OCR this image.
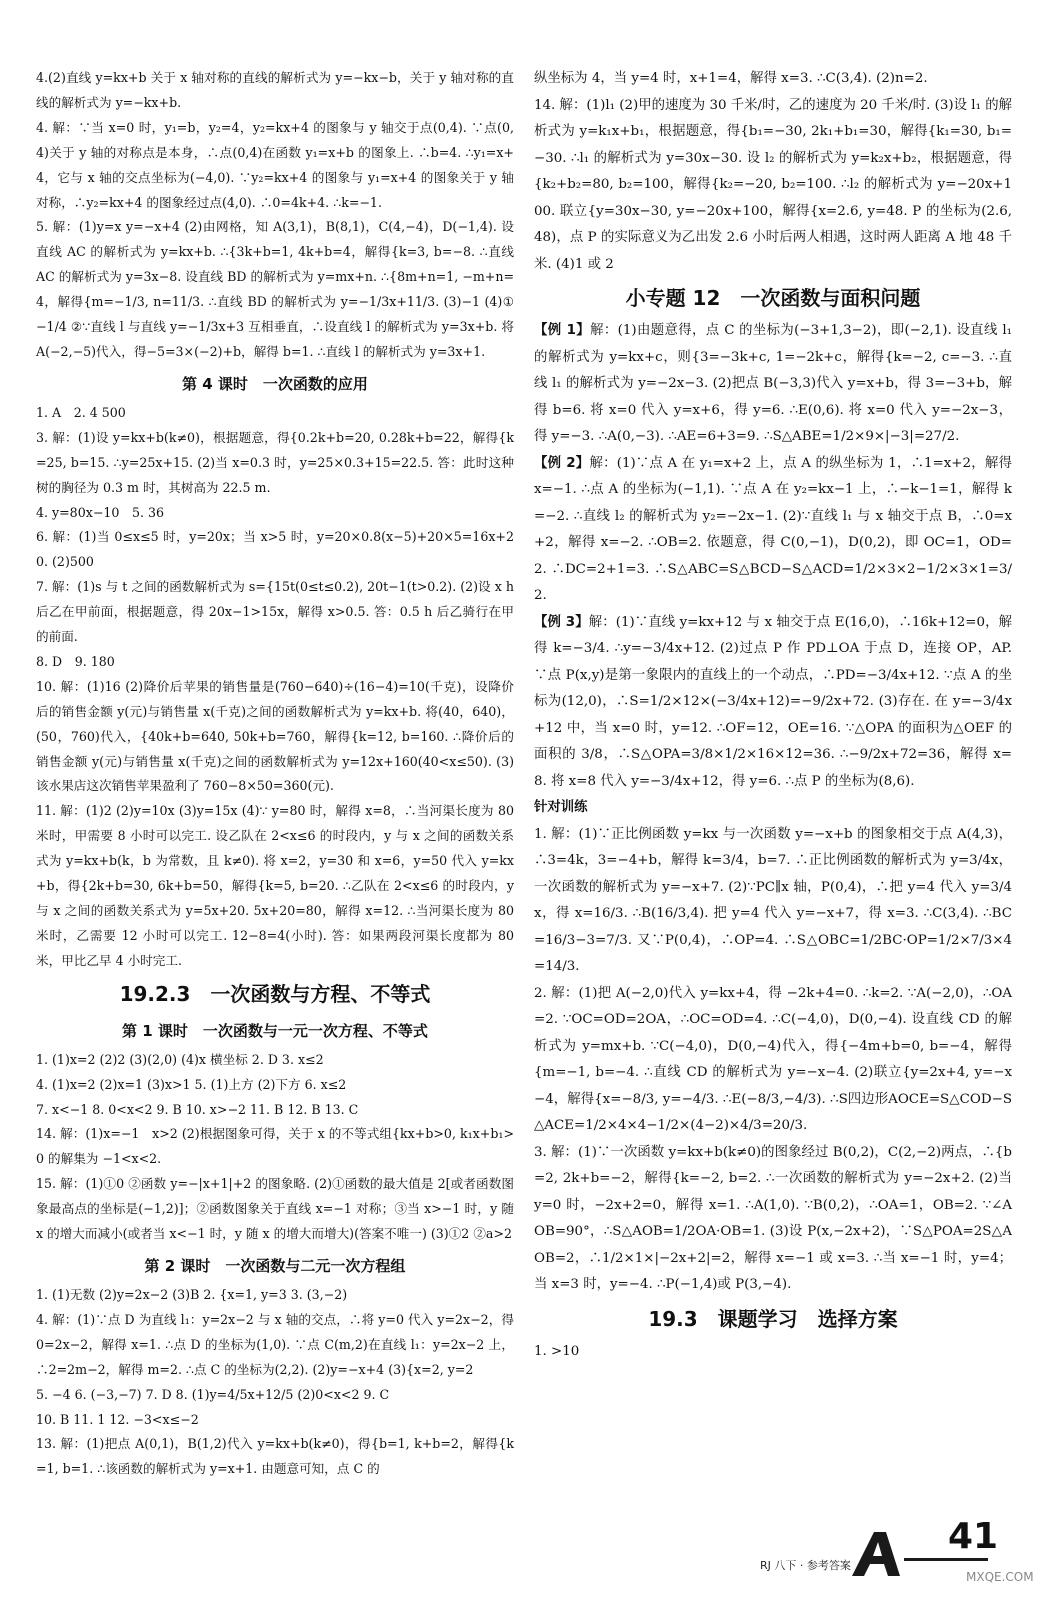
4.(2)直线 y=kx+b 关于 x 轴对称的直线的解析式为 y=−kx−b，关于 y 轴对称的直线的解析式为 y=−kx+b.
4. 解：∵当 x=0 时，y₁=b，y₂=4，y₂=kx+4 的图象与 y 轴交于点(0,4). ∵点(0,4)关于 y 轴的对称点是本身，∴点(0,4)在函数 y₁=x+b 的图象上. ∴b=4. ∴y₁=x+4，它与 x 轴的交点坐标为(−4,0). ∵y₂=kx+4 的图象与 y₁=x+4 的图象关于 y 轴对称，∴y₂=kx+4 的图象经过点(4,0). ∴0=4k+4. ∴k=−1.
5. 解：(1)y=x y=−x+4 (2)由网格，知 A(3,1)，B(8,1)，C(4,−4)，D(−1,4). 设直线 AC 的解析式为 y=kx+b. ∴{3k+b=1, 4k+b=4，解得{k=3, b=−8. ∴直线 AC 的解析式为 y=3x−8. 设直线 BD 的解析式为 y=mx+n. ∴{8m+n=1, −m+n=4，解得{m=−1/3, n=11/3. ∴直线 BD 的解析式为 y=−1/3x+11/3. (3)−1 (4)① −1/4 ②∵直线 l 与直线 y=−1/3x+3 互相垂直，∴设直线 l 的解析式为 y=3x+b. 将 A(−2,−5)代入，得−5=3×(−2)+b，解得 b=1. ∴直线 l 的解析式为 y=3x+1.
第 4 课时　一次函数的应用
1. A　2. 4 500
3. 解：(1)设 y=kx+b(k≠0)，根据题意，得{0.2k+b=20, 0.28k+b=22，解得{k=25, b=15. ∴y=25x+15. (2)当 x=0.3 时，y=25×0.3+15=22.5. 答：此时这种树的胸径为 0.3 m 时，其树高为 22.5 m.
4. y=80x−10　5. 36
6. 解：(1)当 0≤x≤5 时，y=20x；当 x>5 时，y=20×0.8(x−5)+20×5=16x+20. (2)500
7. 解：(1)s 与 t 之间的函数解析式为 s={15t(0≤t≤0.2), 20t−1(t>0.2). (2)设 x h 后乙在甲前面，根据题意，得 20x−1>15x，解得 x>0.5. 答：0.5 h 后乙骑行在甲的前面.
8. D　9. 180
10. 解：(1)16 (2)降价后苹果的销售量是(760−640)÷(16−4)=10(千克)，设降价后的销售金额 y(元)与销售量 x(千克)之间的函数解析式为 y=kx+b. 将(40，640)，(50，760)代入，{40k+b=640, 50k+b=760，解得{k=12, b=160. ∴降价后的销售金额 y(元)与销售量 x(千克)之间的函数解析式为 y=12x+160(40<x≤50). (3)该水果店这次销售苹果盈利了 760−8×50=360(元).
11. 解：(1)2 (2)y=10x (3)y=15x (4)∵ y=80 时，解得 x=8，∴当河渠长度为 80 米时，甲需要 8 小时可以完工. 设乙队在 2<x≤6 的时段内，y 与 x 之间的函数关系式为 y=kx+b(k，b 为常数，且 k≠0). 将 x=2，y=30 和 x=6，y=50 代入 y=kx+b，得{2k+b=30, 6k+b=50，解得{k=5, b=20. ∴乙队在 2<x≤6 的时段内，y 与 x 之间的函数关系式为 y=5x+20. 5x+20=80，解得 x=12. ∴当河渠长度为 80 米时，乙需要 12 小时可以完工. 12−8=4(小时). 答：如果两段河渠长度都为 80 米，甲比乙早 4 小时完工.
19.2.3　一次函数与方程、不等式
第 1 课时　一次函数与一元一次方程、不等式
1. (1)x=2 (2)2 (3)(2,0) (4)x 横坐标 2. D 3. x≤2
4. (1)x=2 (2)x=1 (3)x>1 5. (1)上方 (2)下方 6. x≤2
7. x<−1 8. 0<x<2 9. B 10. x>−2 11. B 12. B 13. C
14. 解：(1)x=−1　x>2 (2)根据图象可得，关于 x 的不等式组{kx+b>0, k₁x+b₁>0 的解集为 −1<x<2.
15. 解：(1)①0 ②函数 y=−|x+1|+2 的图象略. (2)①函数的最大值是 2[或者函数图象最高点的坐标是(−1,2)]；②函数图象关于直线 x=−1 对称；③当 x>−1 时，y 随 x 的增大而减小(或者当 x<−1 时，y 随 x 的增大而增大)(答案不唯一) (3)①2 ②a>2
第 2 课时　一次函数与二元一次方程组
1. (1)无数 (2)y=2x−2 (3)B 2. {x=1, y=3 3. (3,−2)
4. 解：(1)∵点 D 为直线 l₁：y=2x−2 与 x 轴的交点，∴将 y=0 代入 y=2x−2，得 0=2x−2，解得 x=1. ∴点 D 的坐标为(1,0). ∵点 C(m,2)在直线 l₁：y=2x−2 上，∴2=2m−2，解得 m=2. ∴点 C 的坐标为(2,2). (2)y=−x+4 (3){x=2, y=2
5. −4 6. (−3,−7) 7. D 8. (1)y=4/5x+12/5 (2)0<x<2 9. C
10. B 11. 1 12. −3<x≤−2
13. 解：(1)把点 A(0,1)，B(1,2)代入 y=kx+b(k≠0)，得{b=1, k+b=2，解得{k=1, b=1. ∴该函数的解析式为 y=x+1. 由题意可知，点 C 的
纵坐标为 4，当 y=4 时，x+1=4，解得 x=3. ∴C(3,4). (2)n=2.
14. 解：(1)l₁ (2)甲的速度为 30 千米/时，乙的速度为 20 千米/时. (3)设 l₁ 的解析式为 y=k₁x+b₁，根据题意，得{b₁=−30, 2k₁+b₁=30，解得{k₁=30, b₁=−30. ∴l₁ 的解析式为 y=30x−30. 设 l₂ 的解析式为 y=k₂x+b₂，根据题意，得{k₂+b₂=80, b₂=100，解得{k₂=−20, b₂=100. ∴l₂ 的解析式为 y=−20x+100. 联立{y=30x−30, y=−20x+100，解得{x=2.6, y=48. P 的坐标为(2.6,48)，点 P 的实际意义为乙出发 2.6 小时后两人相遇，这时两人距离 A 地 48 千米. (4)1 或 2
小专题 12　一次函数与面积问题
【例 1】解：(1)由题意得，点 C 的坐标为(−3+1,3−2)，即(−2,1). 设直线 l₁ 的解析式为 y=kx+c，则{3=−3k+c, 1=−2k+c，解得{k=−2, c=−3. ∴直线 l₁ 的解析式为 y=−2x−3. (2)把点 B(−3,3)代入 y=x+b，得 3=−3+b，解得 b=6. 将 x=0 代入 y=x+6，得 y=6. ∴E(0,6). 将 x=0 代入 y=−2x−3，得 y=−3. ∴A(0,−3). ∴AE=6+3=9. ∴S△ABE=1/2×9×|−3|=27/2.
【例 2】解：(1)∵点 A 在 y₁=x+2 上，点 A 的纵坐标为 1，∴1=x+2，解得 x=−1. ∴点 A 的坐标为(−1,1). ∵点 A 在 y₂=kx−1 上，∴−k−1=1，解得 k=−2. ∴直线 l₂ 的解析式为 y₂=−2x−1. (2)∵直线 l₁ 与 x 轴交于点 B，∴0=x+2，解得 x=−2. ∴OB=2. 依题意，得 C(0,−1)，D(0,2)，即 OC=1，OD=2. ∴DC=2+1=3. ∴S△ABC=S△BCD−S△ACD=1/2×3×2−1/2×3×1=3/2.
【例 3】解：(1)∵直线 y=kx+12 与 x 轴交于点 E(16,0)，∴16k+12=0，解得 k=−3/4. ∴y=−3/4x+12. (2)过点 P 作 PD⊥OA 于点 D，连接 OP，AP. ∵点 P(x,y)是第一象限内的直线上的一个动点，∴PD=−3/4x+12. ∵点 A 的坐标为(12,0)，∴S=1/2×12×(−3/4x+12)=−9/2x+72. (3)存在. 在 y=−3/4x+12 中，当 x=0 时，y=12. ∴OF=12，OE=16. ∵△OPA 的面积为△OEF 的面积的 3/8，∴S△OPA=3/8×1/2×16×12=36. ∴−9/2x+72=36，解得 x=8. 将 x=8 代入 y=−3/4x+12，得 y=6. ∴点 P 的坐标为(8,6).
针对训练
1. 解：(1)∵正比例函数 y=kx 与一次函数 y=−x+b 的图象相交于点 A(4,3)，∴3=4k，3=−4+b，解得 k=3/4，b=7. ∴正比例函数的解析式为 y=3/4x，一次函数的解析式为 y=−x+7. (2)∵PC∥x 轴，P(0,4)，∴把 y=4 代入 y=3/4x，得 x=16/3. ∴B(16/3,4). 把 y=4 代入 y=−x+7，得 x=3. ∴C(3,4). ∴BC=16/3−3=7/3. 又∵P(0,4)，∴OP=4. ∴S△OBC=1/2BC·OP=1/2×7/3×4=14/3.
2. 解：(1)把 A(−2,0)代入 y=kx+4，得 −2k+4=0. ∴k=2. ∵A(−2,0)，∴OA=2. ∵OC=OD=2OA，∴OC=OD=4. ∴C(−4,0)，D(0,−4). 设直线 CD 的解析式为 y=mx+b. ∵C(−4,0)，D(0,−4)代入，得{−4m+b=0, b=−4，解得{m=−1, b=−4. ∴直线 CD 的解析式为 y=−x−4. (2)联立{y=2x+4, y=−x−4，解得{x=−8/3, y=−4/3. ∴E(−8/3,−4/3). ∴S四边形AOCE=S△COD−S△ACE=1/2×4×4−1/2×(4−2)×4/3=20/3.
3. 解：(1)∵一次函数 y=kx+b(k≠0)的图象经过 B(0,2)，C(2,−2)两点，∴{b=2, 2k+b=−2，解得{k=−2, b=2. ∴一次函数的解析式为 y=−2x+2. (2)当 y=0 时，−2x+2=0，解得 x=1. ∴A(1,0). ∵B(0,2)，∴OA=1，OB=2. ∵∠AOB=90°，∴S△AOB=1/2OA·OB=1. (3)设 P(x,−2x+2)，∵S△POA=2S△AOB=2，∴1/2×1×|−2x+2|=2，解得 x=−1 或 x=3. ∴当 x=−1 时，y=4；当 x=3 时，y=−4. ∴P(−1,4)或 P(3,−4).
19.3　课题学习　选择方案
1. >10
RJ 八下 · 参考答案
41
MXQE.COM
